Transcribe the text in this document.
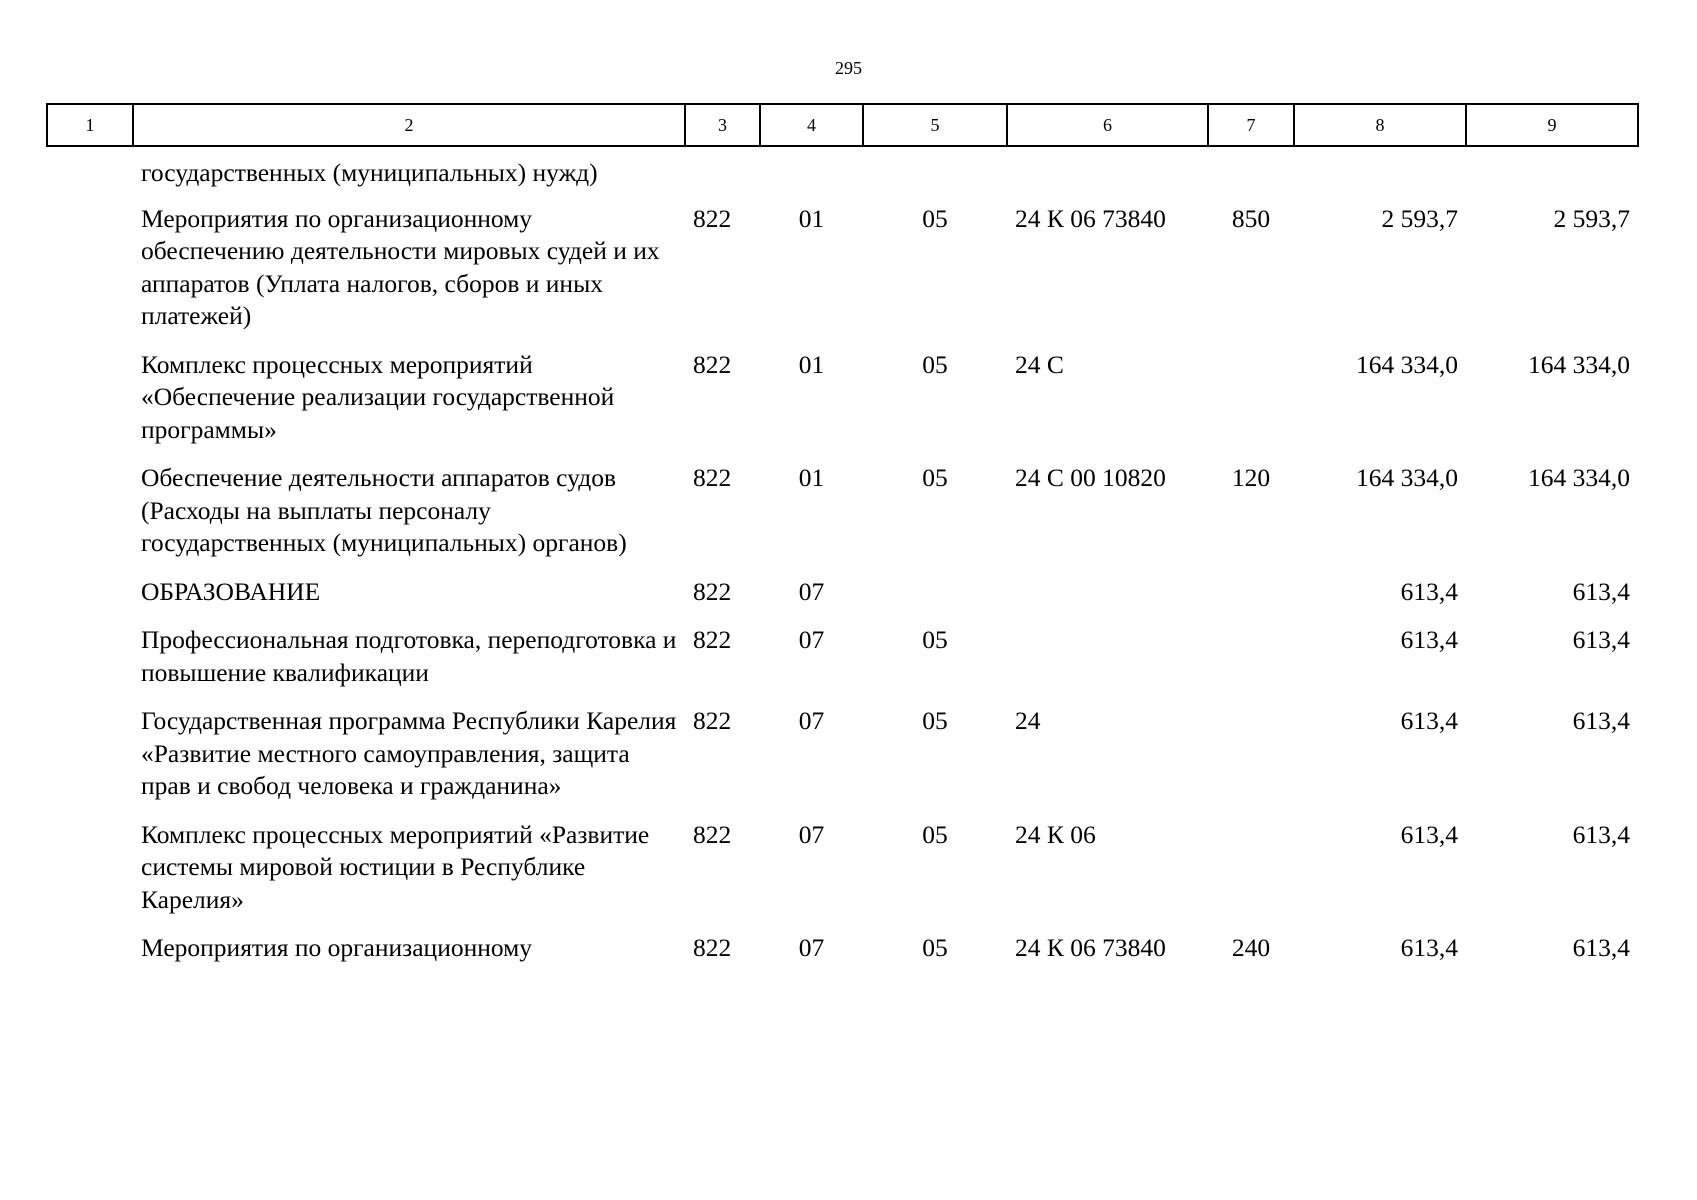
295
1	2	3	4	5	6	7	8	9
	государственных (муниципальных) нужд)							
	Мероприятия по организационному обеспечению деятельности мировых судей и их аппаратов (Уплата налогов, сборов и иных платежей)	822	01	05	24 К 06 73840	850	2 593,7	2 593,7
	Комплекс процессных мероприятий «Обеспечение реализации государственной программы»	822	01	05	24 С		164 334,0	164 334,0
	Обеспечение деятельности аппаратов судов (Расходы на выплаты персоналу государственных (муниципальных) органов)	822	01	05	24 С 00 10820	120	164 334,0	164 334,0
	ОБРАЗОВАНИЕ	822	07				613,4	613,4
	Профессиональная подготовка, переподготовка и повышение квалификации	822	07	05			613,4	613,4
	Государственная программа Республики Карелия «Развитие местного самоуправления, защита прав и свобод человека и гражданина»	822	07	05	24		613,4	613,4
	Комплекс процессных мероприятий «Развитие системы мировой юстиции в Республике Карелия»	822	07	05	24 К 06		613,4	613,4
	Мероприятия по организационному	822	07	05	24 К 06 73840	240	613,4	613,4
